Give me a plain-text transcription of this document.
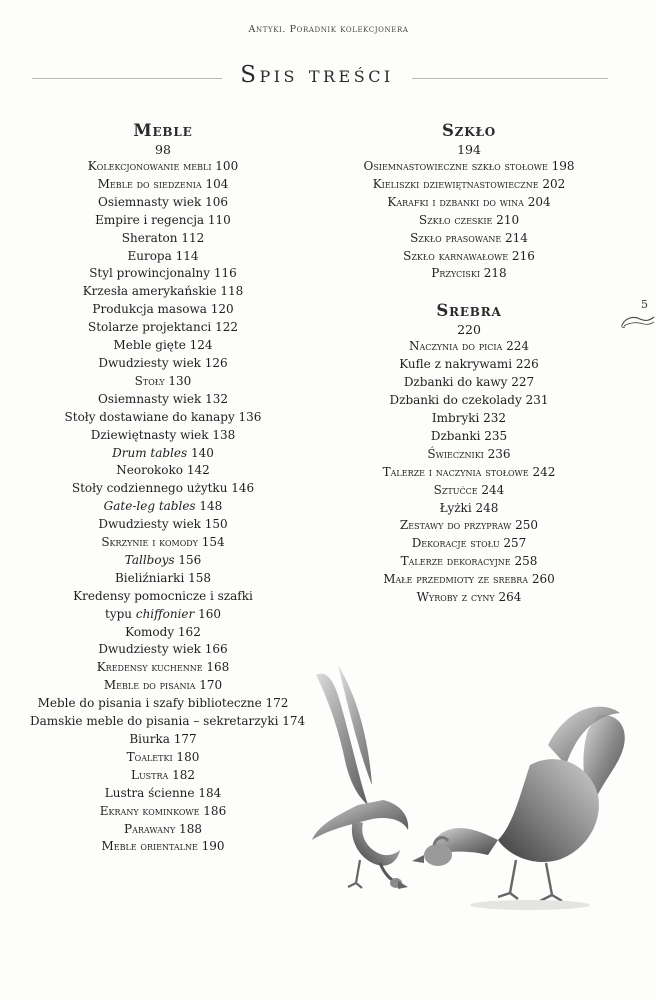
Antyki. Poradnik kolekcjonera
Spis treści
Meble
98
Kolekcjonowanie mebli 100
Meble do siedzenia 104
Osiemnasty wiek 106
Empire i regencja 110
Sheraton 112
Europa 114
Styl prowincjonalny 116
Krzesła amerykańskie 118
Produkcja masowa 120
Stolarze projektanci 122
Meble gięte 124
Dwudziesty wiek 126
Stoły 130
Osiemnasty wiek 132
Stoły dostawiane do kanapy 136
Dziewiętnasty wiek 138
Drum tables 140
Neorokoko 142
Stoły codziennego użytku 146
Gate-leg tables 148
Dwudziesty wiek 150
Skrzynie i komody 154
Tallboys 156
Bieliźniarki 158
Kredensy pomocnicze i szafki
typu chiffonier 160
Komody 162
Dwudziesty wiek 166
Kredensy kuchenne 168
Meble do pisania 170
Meble do pisania i szafy biblioteczne 172
Damskie meble do pisania – sekretarzyki 174
Biurka 177
Toaletki 180
Lustra 182
Lustra ścienne 184
Ekrany kominkowe 186
Parawany 188
Meble orientalne 190
Szkło
194
Osiemnastowieczne szkło stołowe 198
Kieliszki dziewiętnastowieczne 202
Karafki i dzbanki do wina 204
Szkło czeskie 210
Szkło prasowane 214
Szkło karnawałowe 216
Przyciski 218
Srebra
220
Naczynia do picia 224
Kufle z nakrywami 226
Dzbanki do kawy 227
Dzbanki do czekolady 231
Imbryki 232
Dzbanki 235
Świeczniki 236
Talerze i naczynia stołowe 242
Sztućce 244
Łyżki 248
Zestawy do przypraw 250
Dekoracje stołu 257
Talerze dekoracyjne 258
Małe przedmioty ze srebra 260
Wyroby z cyny 264
5
